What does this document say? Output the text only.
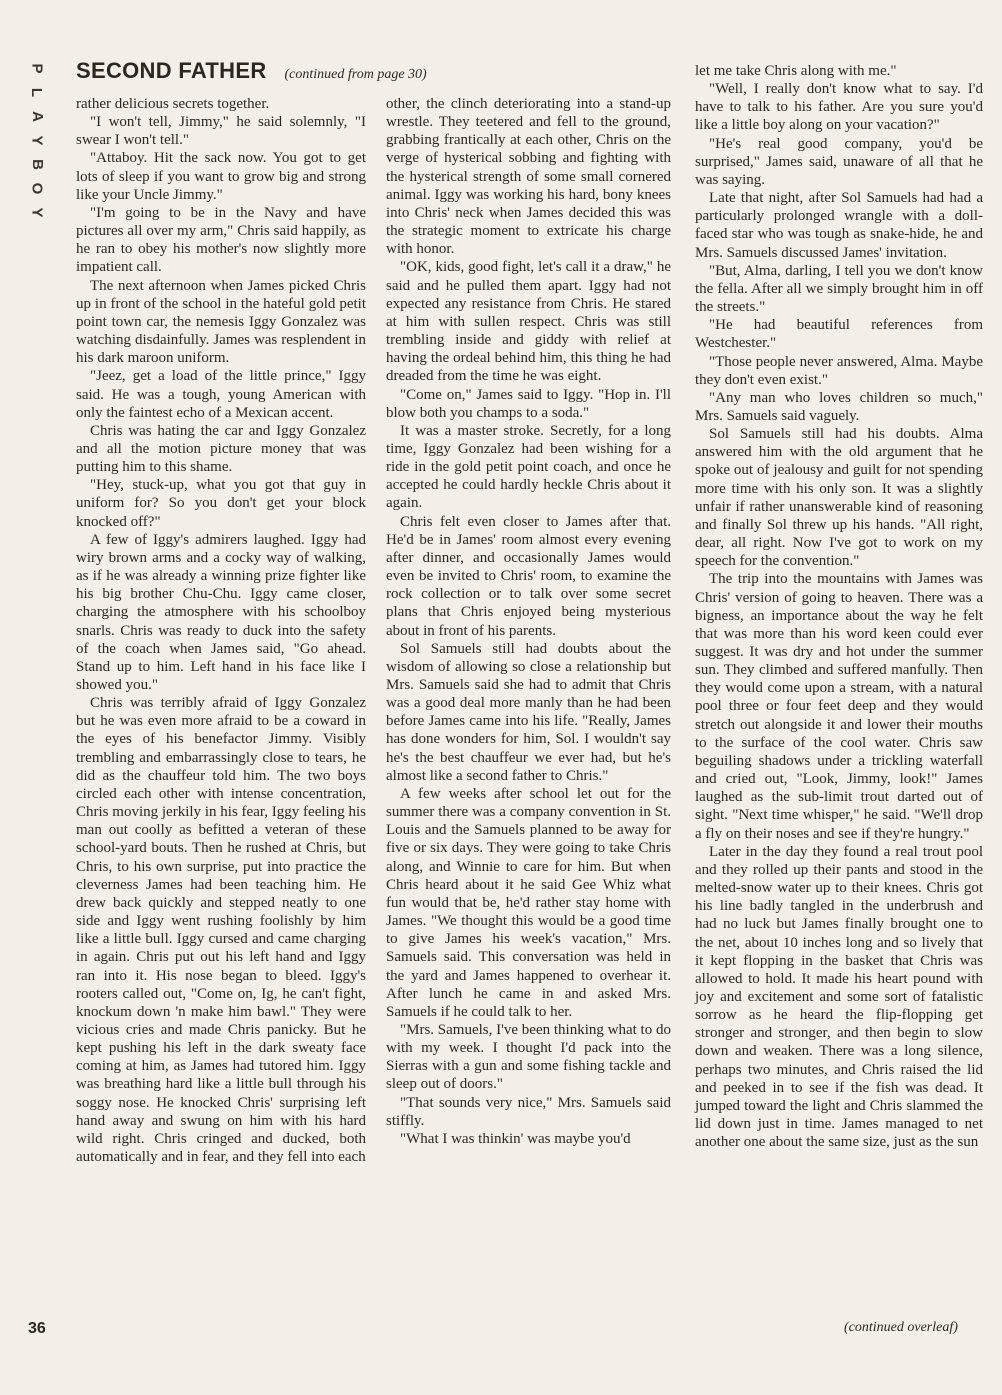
P
L
A
Y
B
O
Y
SECOND FATHER (continued from page 30)

rather delicious secrets together.

"I won't tell, Jimmy," he said solemnly, "I swear I won't tell."

"Attaboy. Hit the sack now. You got to get lots of sleep if you want to grow big and strong like your Uncle Jimmy."

"I'm going to be in the Navy and have pictures all over my arm," Chris said happily, as he ran to obey his mother's now slightly more impatient call.

The next afternoon when James picked Chris up in front of the school in the hateful gold petit point town car, the nemesis Iggy Gonzalez was watching disdainfully. James was resplendent in his dark maroon uniform.

"Jeez, get a load of the little prince," Iggy said. He was a tough, young American with only the faintest echo of a Mexican accent.

Chris was hating the car and Iggy Gonzalez and all the motion picture money that was putting him to this shame.

"Hey, stuck-up, what you got that guy in uniform for? So you don't get your block knocked off?"

A few of Iggy's admirers laughed. Iggy had wiry brown arms and a cocky way of walking, as if he was already a winning prize fighter like his big brother Chu-Chu. Iggy came closer, charging the atmosphere with his schoolboy snarls. Chris was ready to duck into the safety of the coach when James said, "Go ahead. Stand up to him. Left hand in his face like I showed you."

Chris was terribly afraid of Iggy Gonzalez but he was even more afraid to be a coward in the eyes of his benefactor Jimmy. Visibly trembling and embarrassingly close to tears, he did as the chauffeur told him. The two boys circled each other with intense concentration, Chris moving jerkily in his fear, Iggy feeling his man out coolly as befitted a veteran of these school-yard bouts. Then he rushed at Chris, but Chris, to his own surprise, put into practice the cleverness James had been teaching him. He drew back quickly and stepped neatly to one side and Iggy went rushing foolishly by him like a little bull. Iggy cursed and came charging in again. Chris put out his left hand and Iggy ran into it. His nose began to bleed. Iggy's rooters called out, "Come on, Ig, he can't fight, knockum down 'n make him bawl." They were vicious cries and made Chris panicky. But he kept pushing his left in the dark sweaty face coming at him, as James had tutored him. Iggy was breathing hard like a little bull through his soggy nose. He knocked Chris' surprising left hand away and swung on him with his hard wild right. Chris cringed and ducked, both automatically and in fear, and they fell into each

other, the clinch deteriorating into a stand-up wrestle. They teetered and fell to the ground, grabbing frantically at each other, Chris on the verge of hysterical sobbing and fighting with the hysterical strength of some small cornered animal. Iggy was working his hard, bony knees into Chris' neck when James decided this was the strategic moment to extricate his charge with honor.

"OK, kids, good fight, let's call it a draw," he said and he pulled them apart. Iggy had not expected any resistance from Chris. He stared at him with sullen respect. Chris was still trembling inside and giddy with relief at having the ordeal behind him, this thing he had dreaded from the time he was eight.

"Come on," James said to Iggy. "Hop in. I'll blow both you champs to a soda."

It was a master stroke. Secretly, for a long time, Iggy Gonzalez had been wishing for a ride in the gold petit point coach, and once he accepted he could hardly heckle Chris about it again.

Chris felt even closer to James after that. He'd be in James' room almost every evening after dinner, and occasionally James would even be invited to Chris' room, to examine the rock collection or to talk over some secret plans that Chris enjoyed being mysterious about in front of his parents.

Sol Samuels still had doubts about the wisdom of allowing so close a relationship but Mrs. Samuels said she had to admit that Chris was a good deal more manly than he had been before James came into his life. "Really, James has done wonders for him, Sol. I wouldn't say he's the best chauffeur we ever had, but he's almost like a second father to Chris."

A few weeks after school let out for the summer there was a company convention in St. Louis and the Samuels planned to be away for five or six days. They were going to take Chris along, and Winnie to care for him. But when Chris heard about it he said Gee Whiz what fun would that be, he'd rather stay home with James. "We thought this would be a good time to give James his week's vacation," Mrs. Samuels said. This conversation was held in the yard and James happened to overhear it. After lunch he came in and asked Mrs. Samuels if he could talk to her.

"Mrs. Samuels, I've been thinking what to do with my week. I thought I'd pack into the Sierras with a gun and some fishing tackle and sleep out of doors."

"That sounds very nice," Mrs. Samuels said stiffly.

"What I was thinkin' was maybe you'd

let me take Chris along with me."

"Well, I really don't know what to say. I'd have to talk to his father. Are you sure you'd like a little boy along on your vacation?"

"He's real good company, you'd be surprised," James said, unaware of all that he was saying.

Late that night, after Sol Samuels had had a particularly prolonged wrangle with a doll-faced star who was tough as snake-hide, he and Mrs. Samuels discussed James' invitation.

"But, Alma, darling, I tell you we don't know the fella. After all we simply brought him in off the streets."

"He had beautiful references from Westchester."

"Those people never answered, Alma. Maybe they don't even exist."

"Any man who loves children so much," Mrs. Samuels said vaguely.

Sol Samuels still had his doubts. Alma answered him with the old argument that he spoke out of jealousy and guilt for not spending more time with his only son. It was a slightly unfair if rather unanswerable kind of reasoning and finally Sol threw up his hands. "All right, dear, all right. Now I've got to work on my speech for the convention."

The trip into the mountains with James was Chris' version of going to heaven. There was a bigness, an importance about the way he felt that was more than his word keen could ever suggest. It was dry and hot under the summer sun. They climbed and suffered manfully. Then they would come upon a stream, with a natural pool three or four feet deep and they would stretch out alongside it and lower their mouths to the surface of the cool water. Chris saw beguiling shadows under a trickling waterfall and cried out, "Look, Jimmy, look!" James laughed as the sub-limit trout darted out of sight. "Next time whisper," he said. "We'll drop a fly on their noses and see if they're hungry."

Later in the day they found a real trout pool and they rolled up their pants and stood in the melted-snow water up to their knees. Chris got his line badly tangled in the underbrush and had no luck but James finally brought one to the net, about 10 inches long and so lively that it kept flopping in the basket that Chris was allowed to hold. It made his heart pound with joy and excitement and some sort of fatalistic sorrow as he heard the flip-flopping get stronger and stronger, and then begin to slow down and weaken. There was a long silence, perhaps two minutes, and Chris raised the lid and peeked in to see if the fish was dead. It jumped toward the light and Chris slammed the lid down just in time. James managed to net another one about the same size, just as the sun

36	(continued overleaf)
